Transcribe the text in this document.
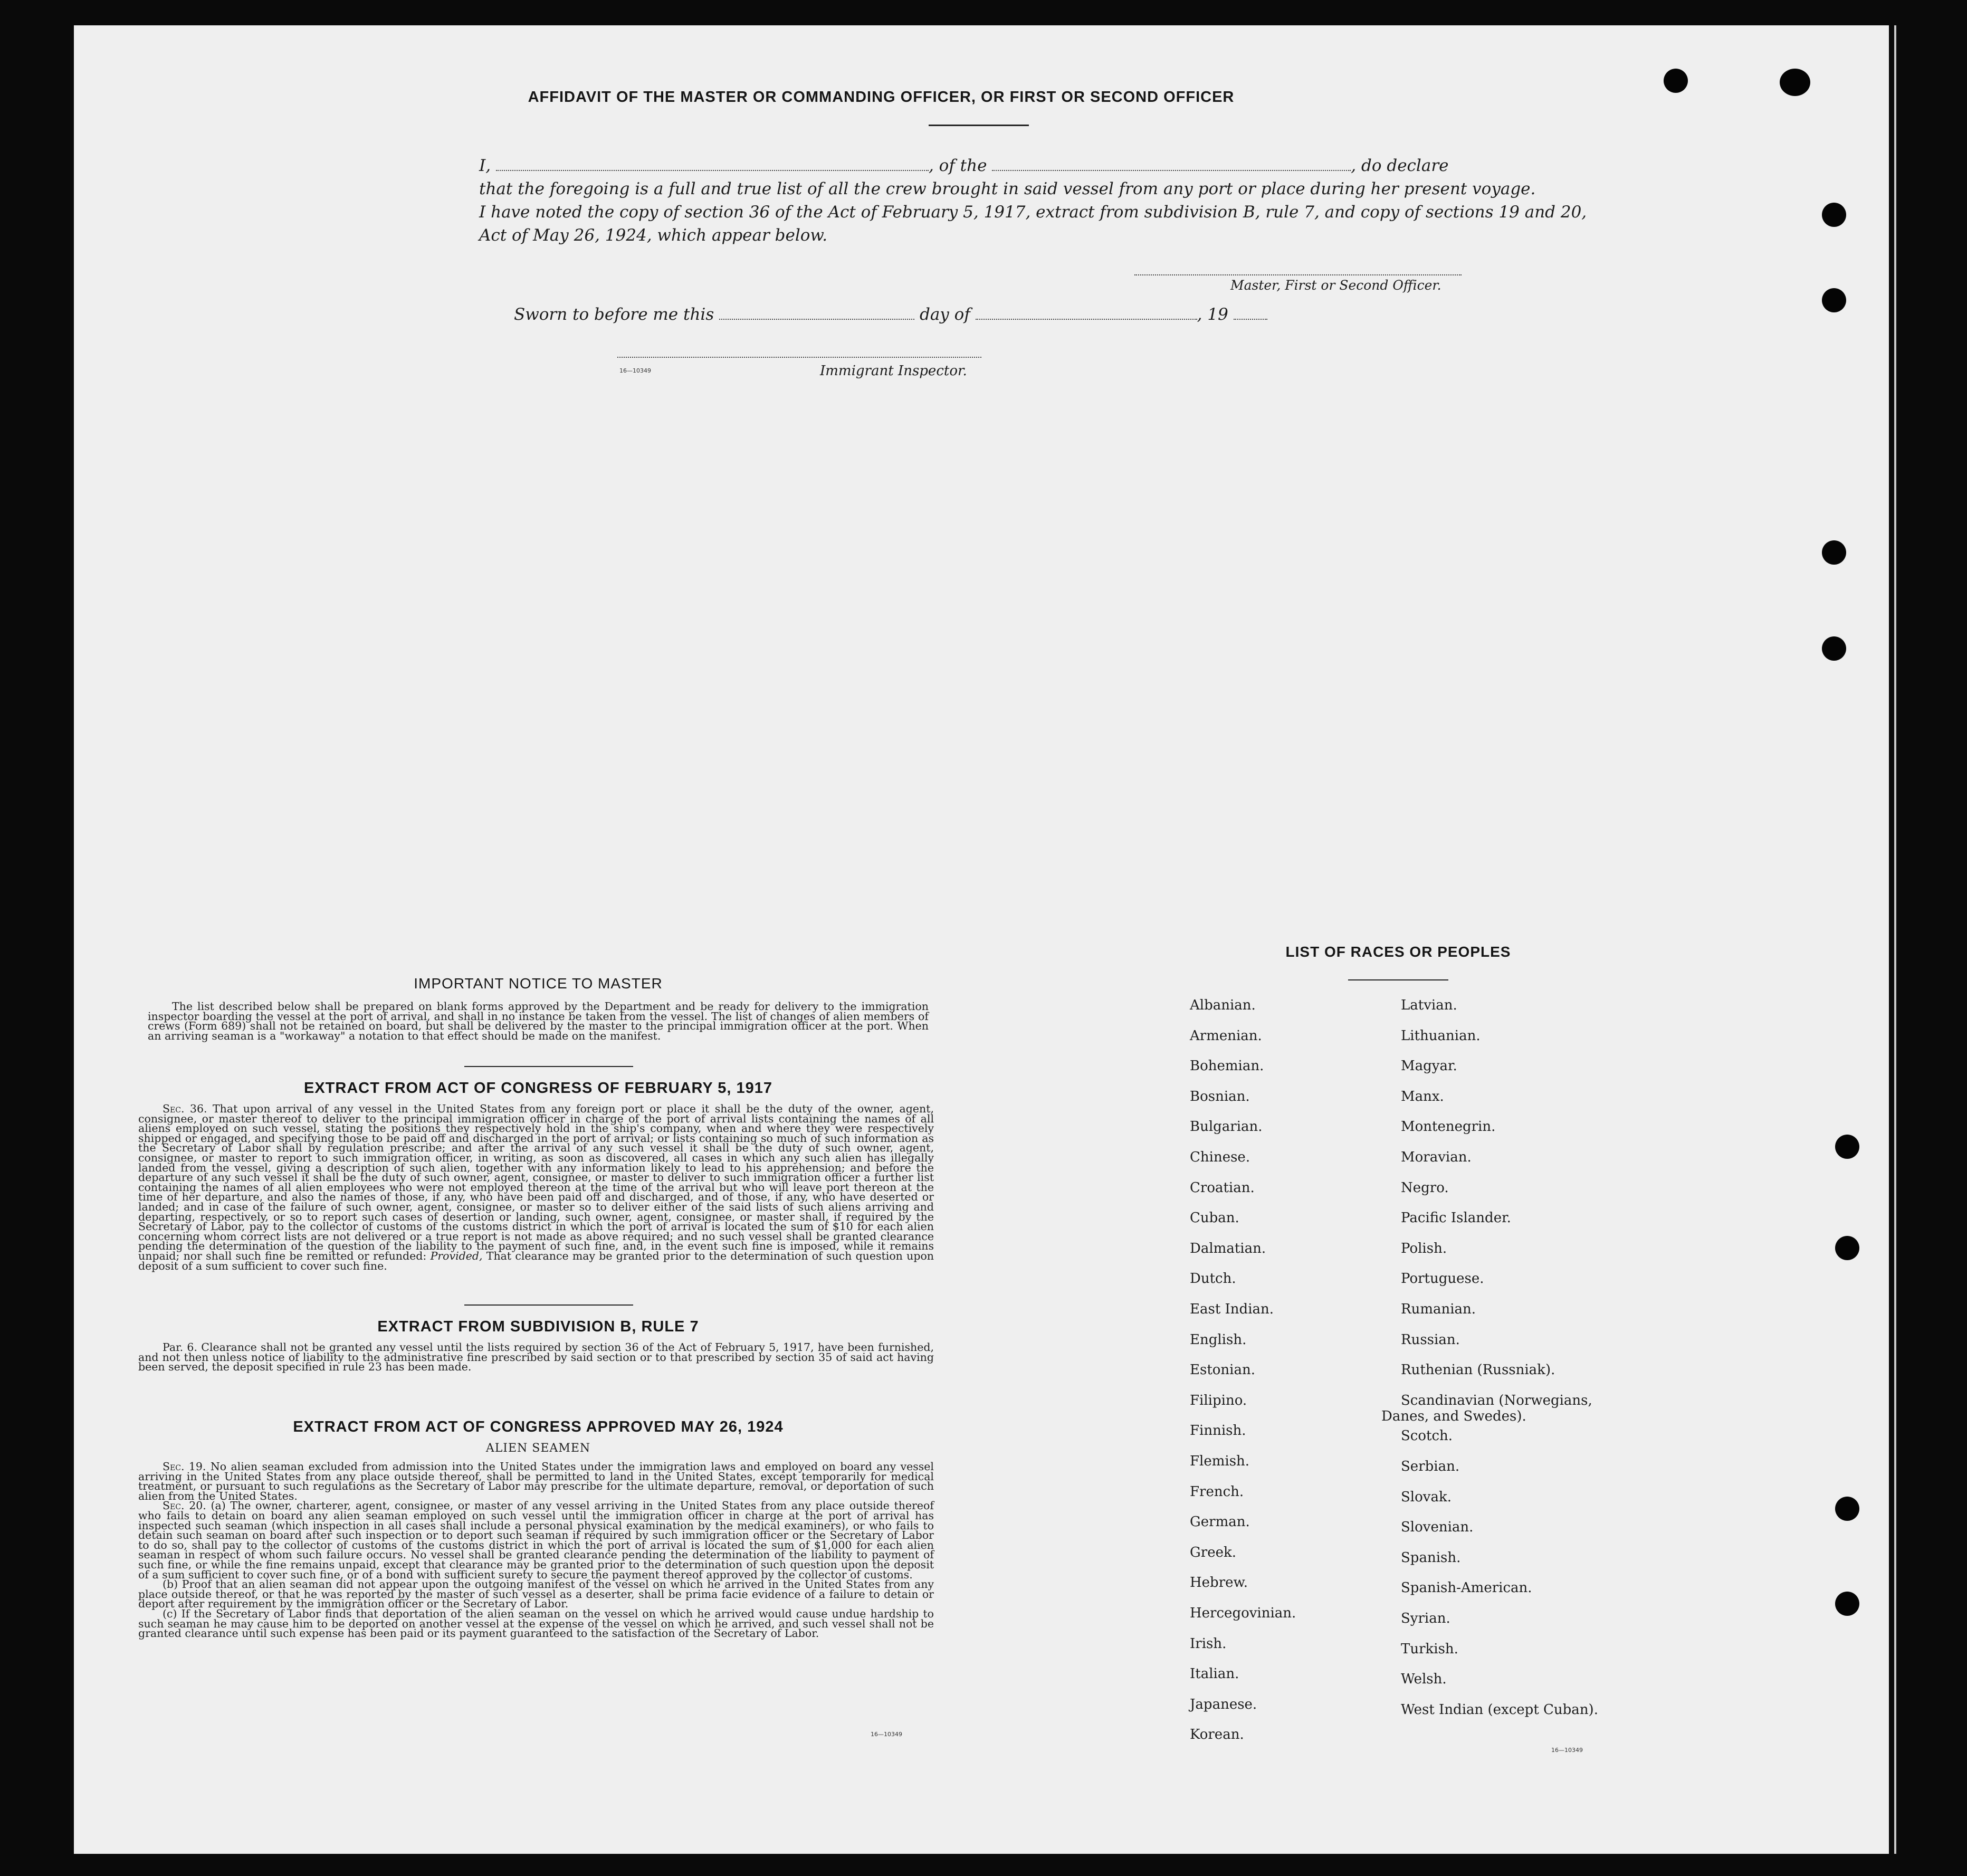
AFFIDAVIT OF THE MASTER OR COMMANDING OFFICER, OR FIRST OR SECOND OFFICER
I,	, of the	, do declare
that the foregoing is a full and true list of all the crew brought in said vessel from any port or place during her present voyage.
I have noted the copy of section 36 of the Act of February 5, 1917, extract from subdivision B, rule 7, and copy of sections 19 and 20,
Act of May 26, 1924, which appear below.
Master, First or Second Officer.
Sworn to before me this	day of	, 19
16—10349	Immigrant Inspector.
IMPORTANT NOTICE TO MASTER

The list described below shall be prepared on blank forms approved by the Department and be ready for delivery to the immigration inspector boarding the vessel at the port of arrival, and shall in no instance be taken from the vessel. The list of changes of alien members of crews (Form 689) shall not be retained on board, but shall be delivered by the master to the principal immigration officer at the port. When an arriving seaman is a "workaway" a notation to that effect should be made on the manifest.

EXTRACT FROM ACT OF CONGRESS OF FEBRUARY 5, 1917

Sec. 36. That upon arrival of any vessel in the United States from any foreign port or place it shall be the duty of the owner, agent, consignee, or master thereof to deliver to the principal immigration officer in charge of the port of arrival lists containing the names of all aliens employed on such vessel, stating the positions they respectively hold in the ship's company, when and where they were respectively shipped or engaged, and specifying those to be paid off and discharged in the port of arrival; or lists containing so much of such information as the Secretary of Labor shall by regulation prescribe; and after the arrival of any such vessel it shall be the duty of such owner, agent, consignee, or master to report to such immigration officer, in writing, as soon as discovered, all cases in which any such alien has illegally landed from the vessel, giving a description of such alien, together with any information likely to lead to his apprehension; and before the departure of any such vessel it shall be the duty of such owner, agent, consignee, or master to deliver to such immigration officer a further list containing the names of all alien employees who were not employed thereon at the time of the arrival but who will leave port thereon at the time of her departure, and also the names of those, if any, who have been paid off and discharged, and of those, if any, who have deserted or landed; and in case of the failure of such owner, agent, consignee, or master so to deliver either of the said lists of such aliens arriving and departing, respectively, or so to report such cases of desertion or landing, such owner, agent, consignee, or master shall, if required by the Secretary of Labor, pay to the collector of customs of the customs district in which the port of arrival is located the sum of $10 for each alien concerning whom correct lists are not delivered or a true report is not made as above required; and no such vessel shall be granted clearance pending the determination of the question of the liability to the payment of such fine, and, in the event such fine is imposed, while it remains unpaid; nor shall such fine be remitted or refunded: Provided, That clearance may be granted prior to the determination of such question upon deposit of a sum sufficient to cover such fine.

EXTRACT FROM SUBDIVISION B, RULE 7

Par. 6. Clearance shall not be granted any vessel until the lists required by section 36 of the Act of February 5, 1917, have been furnished, and not then unless notice of liability to the administrative fine prescribed by said section or to that prescribed by section 35 of said act having been served, the deposit specified in rule 23 has been made.

EXTRACT FROM ACT OF CONGRESS APPROVED MAY 26, 1924
ALIEN SEAMEN

Sec. 19. No alien seaman excluded from admission into the United States under the immigration laws and employed on board any vessel arriving in the United States from any place outside thereof, shall be permitted to land in the United States, except temporarily for medical treatment, or pursuant to such regulations as the Secretary of Labor may prescribe for the ultimate departure, removal, or deportation of such alien from the United States.

Sec. 20. (a) The owner, charterer, agent, consignee, or master of any vessel arriving in the United States from any place outside thereof who fails to detain on board any alien seaman employed on such vessel until the immigration officer in charge at the port of arrival has inspected such seaman (which inspection in all cases shall include a personal physical examination by the medical examiners), or who fails to detain such seaman on board after such inspection or to deport such seaman if required by such immigration officer or the Secretary of Labor to do so, shall pay to the collector of customs of the customs district in which the port of arrival is located the sum of $1,000 for each alien seaman in respect of whom such failure occurs. No vessel shall be granted clearance pending the determination of the liability to payment of such fine, or while the fine remains unpaid, except that clearance may be granted prior to the determination of such question upon the deposit of a sum sufficient to cover such fine, or of a bond with sufficient surety to secure the payment thereof approved by the collector of customs.

(b) Proof that an alien seaman did not appear upon the outgoing manifest of the vessel on which he arrived in the United States from any place outside thereof, or that he was reported by the master of such vessel as a deserter, shall be prima facie evidence of a failure to detain or deport after requirement by the immigration officer or the Secretary of Labor.

(c) If the Secretary of Labor finds that deportation of the alien seaman on the vessel on which he arrived would cause undue hardship to such seaman he may cause him to be deported on another vessel at the expense of the vessel on which he arrived, and such vessel shall not be granted clearance until such expense has been paid or its payment guaranteed to the satisfaction of the Secretary of Labor.

16—10349
LIST OF RACES OR PEOPLES
Albanian.
Armenian.
Bohemian.
Bosnian.
Bulgarian.
Chinese.
Croatian.
Cuban.
Dalmatian.
Dutch.
East Indian.
English.
Estonian.
Filipino.
Finnish.
Flemish.
French.
German.
Greek.
Hebrew.
Hercegovinian.
Irish.
Italian.
Japanese.
Korean.
Latvian.
Lithuanian.
Magyar.
Manx.
Montenegrin.
Moravian.
Negro.
Pacific Islander.
Polish.
Portuguese.
Rumanian.
Russian.
Ruthenian (Russniak).
Scandinavian (Norwegians,
Danes, and Swedes).
Scotch.
Serbian.
Slovak.
Slovenian.
Spanish.
Spanish-American.
Syrian.
Turkish.
Welsh.
West Indian (except Cuban).
16—10349
